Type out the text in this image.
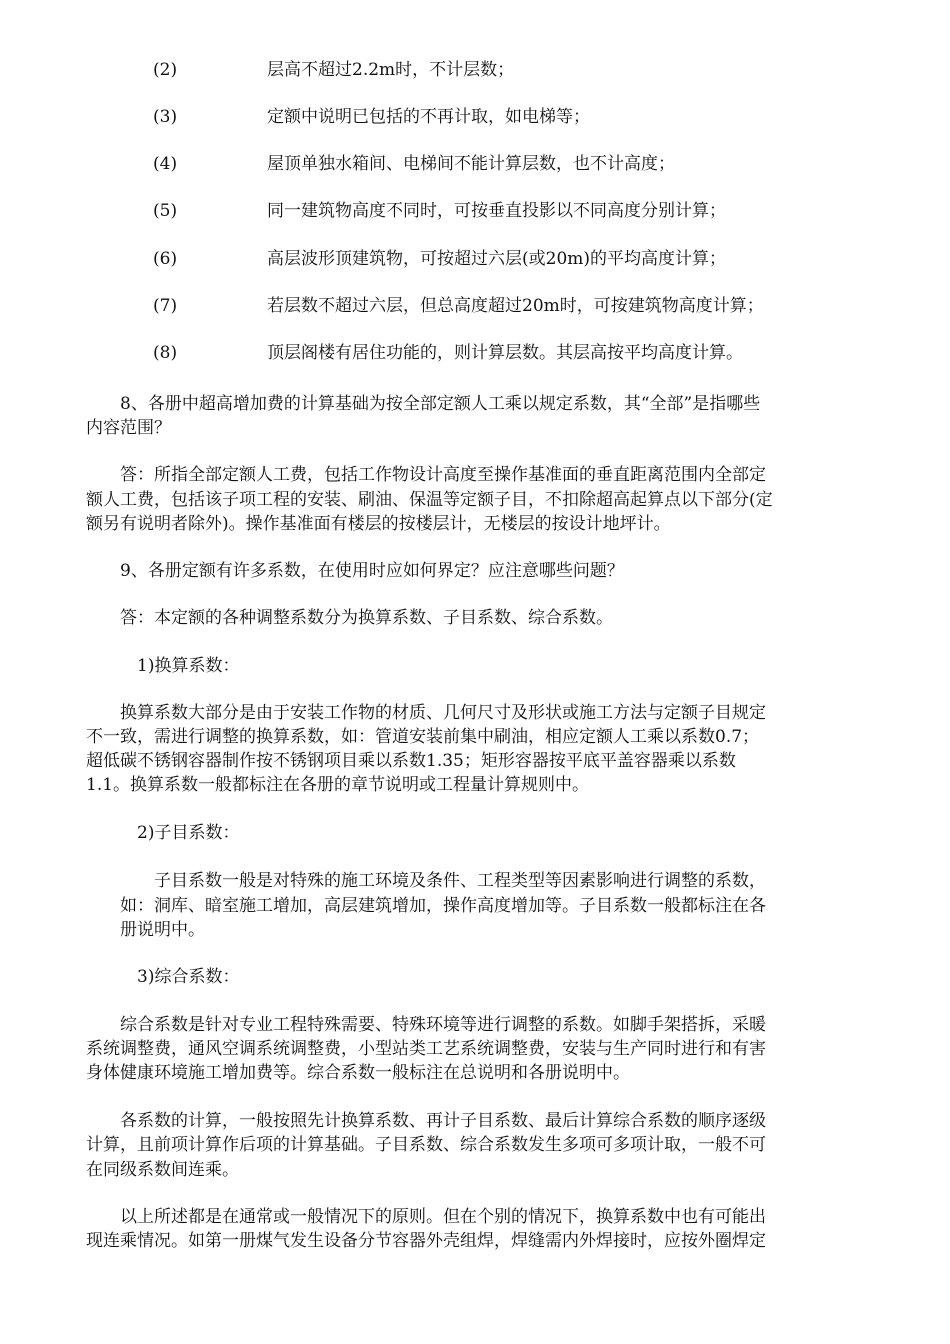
(2)	层高不超过2.2m时，不计层数；
(3)	定额中说明已包括的不再计取，如电梯等；
(4)	屋顶单独水箱间、电梯间不能计算层数，也不计高度；
(5)	同一建筑物高度不同时，可按垂直投影以不同高度分别计算；
(6)	高层波形顶建筑物，可按超过六层(或20m)的平均高度计算；
(7)	若层数不超过六层，但总高度超过20m时，可按建筑物高度计算；
(8)	顶层阁楼有居住功能的，则计算层数。其层高按平均高度计算。
8、各册中超高增加费的计算基础为按全部定额人工乘以规定系数，其“全部”是指哪些
内容范围？
答：所指全部定额人工费，包括工作物设计高度至操作基准面的垂直距离范围内全部定
额人工费，包括该子项工程的安装、刷油、保温等定额子目，不扣除超高起算点以下部分(定
额另有说明者除外)。操作基准面有楼层的按楼层计，无楼层的按设计地坪计。
9、各册定额有许多系数，在使用时应如何界定？应注意哪些问题？
答：本定额的各种调整系数分为换算系数、子目系数、综合系数。
1)换算系数：
换算系数大部分是由于安装工作物的材质、几何尺寸及形状或施工方法与定额子目规定
不一致，需进行调整的换算系数，如：管道安装前集中刷油，相应定额人工乘以系数0.7；
超低碳不锈钢容器制作按不锈钢项目乘以系数1.35；矩形容器按平底平盖容器乘以系数
1.1。换算系数一般都标注在各册的章节说明或工程量计算规则中。
2)子目系数：
子目系数一般是对特殊的施工环境及条件、工程类型等因素影响进行调整的系数，
如：洞库、暗室施工增加，高层建筑增加，操作高度增加等。子目系数一般都标注在各
册说明中。
3)综合系数：
综合系数是针对专业工程特殊需要、特殊环境等进行调整的系数。如脚手架搭拆，采暖
系统调整费，通风空调系统调整费，小型站类工艺系统调整费，安装与生产同时进行和有害
身体健康环境施工增加费等。综合系数一般标注在总说明和各册说明中。
各系数的计算，一般按照先计换算系数、再计子目系数、最后计算综合系数的顺序逐级
计算，且前项计算作后项的计算基础。子目系数、综合系数发生多项可多项计取，一般不可
在同级系数间连乘。
以上所述都是在通常或一般情况下的原则。但在个别的情况下，换算系数中也有可能出
现连乘情况。如第一册煤气发生设备分节容器外壳组焊，焊缝需内外焊接时，应按外圈焊定
